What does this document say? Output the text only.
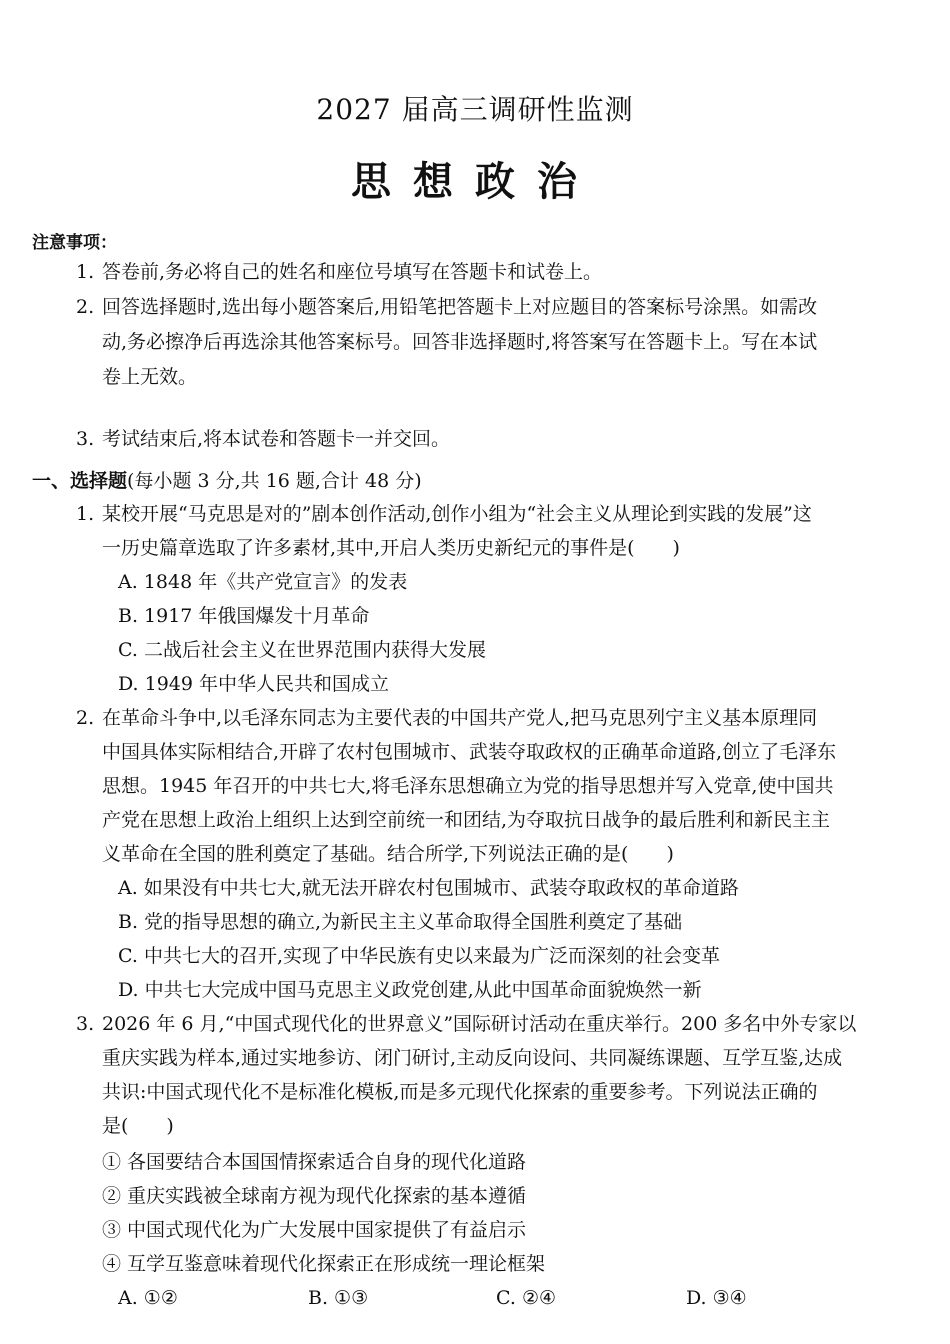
2027 届高三调研性监测
思想政治
注意事项：
1. 答卷前,务必将自己的姓名和座位号填写在答题卡和试卷上。
2. 回答选择题时,选出每小题答案后,用铅笔把答题卡上对应题目的答案标号涂黑。如需改
动,务必擦净后再选涂其他答案标号。回答非选择题时,将答案写在答题卡上。写在本试
卷上无效。
3. 考试结束后,将本试卷和答题卡一并交回。
一、选择题(每小题 3 分,共 16 题,合计 48 分)
1. 某校开展“马克思是对的”剧本创作活动,创作小组为“社会主义从理论到实践的发展”这
一历史篇章选取了许多素材,其中,开启人类历史新纪元的事件是(　　)
A. 1848 年《共产党宣言》的发表
B. 1917 年俄国爆发十月革命
C. 二战后社会主义在世界范围内获得大发展
D. 1949 年中华人民共和国成立
2. 在革命斗争中,以毛泽东同志为主要代表的中国共产党人,把马克思列宁主义基本原理同
中国具体实际相结合,开辟了农村包围城市、武装夺取政权的正确革命道路,创立了毛泽东
思想。1945 年召开的中共七大,将毛泽东思想确立为党的指导思想并写入党章,使中国共
产党在思想上政治上组织上达到空前统一和团结,为夺取抗日战争的最后胜利和新民主主
义革命在全国的胜利奠定了基础。结合所学,下列说法正确的是(　　)
A. 如果没有中共七大,就无法开辟农村包围城市、武装夺取政权的革命道路
B. 党的指导思想的确立,为新民主主义革命取得全国胜利奠定了基础
C. 中共七大的召开,实现了中华民族有史以来最为广泛而深刻的社会变革
D. 中共七大完成中国马克思主义政党创建,从此中国革命面貌焕然一新
3. 2026 年 6 月,“中国式现代化的世界意义”国际研讨活动在重庆举行。200 多名中外专家以
重庆实践为样本,通过实地参访、闭门研讨,主动反向设问、共同凝练课题、互学互鉴,达成
共识:中国式现代化不是标准化模板,而是多元现代化探索的重要参考。下列说法正确的
是(　　)
① 各国要结合本国国情探索适合自身的现代化道路
② 重庆实践被全球南方视为现代化探索的基本遵循
③ 中国式现代化为广大发展中国家提供了有益启示
④ 互学互鉴意味着现代化探索正在形成统一理论框架
A. ①②	B. ①③	C. ②④	D. ③④
